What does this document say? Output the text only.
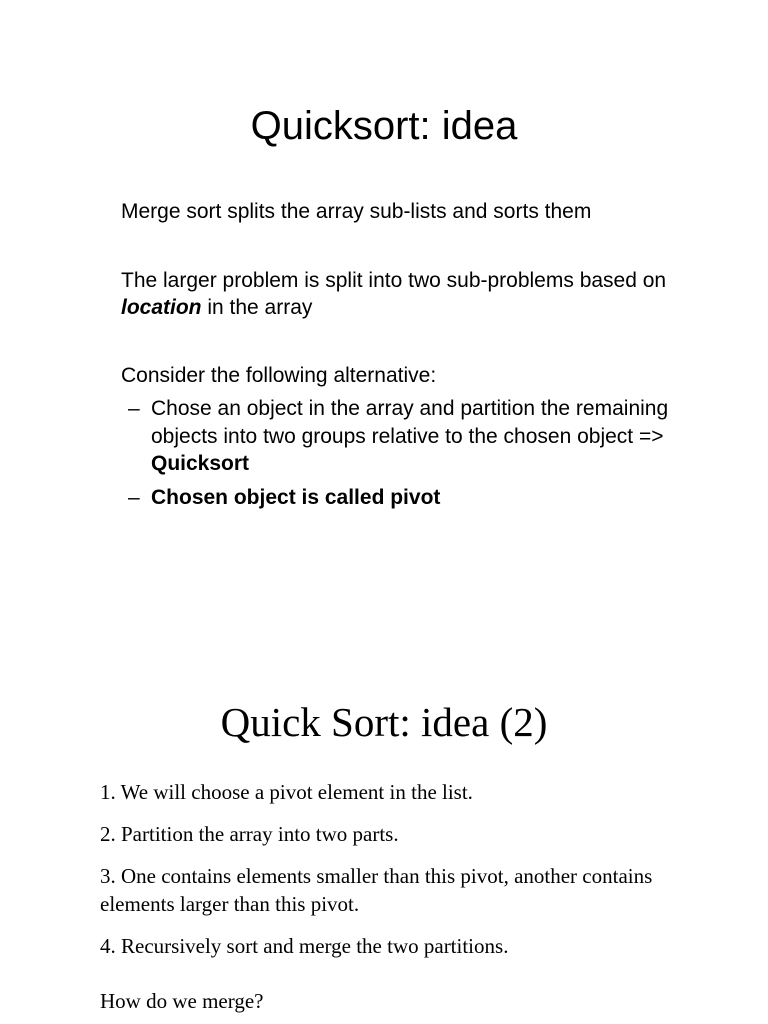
Quicksort: idea
Merge sort splits the array sub-lists and sorts them
The larger problem is split into two sub-problems based on location in the array
Consider the following alternative:
– Chose an object in the array and partition the remaining objects into two groups relative to the chosen object => Quicksort
– Chosen object is called pivot
Quick Sort: idea (2)
1. We will choose a pivot element in the list.
2. Partition the array into two parts.
3. One contains elements smaller than this pivot, another contains elements larger than this pivot.
4. Recursively sort and merge the two partitions.
How do we merge?
